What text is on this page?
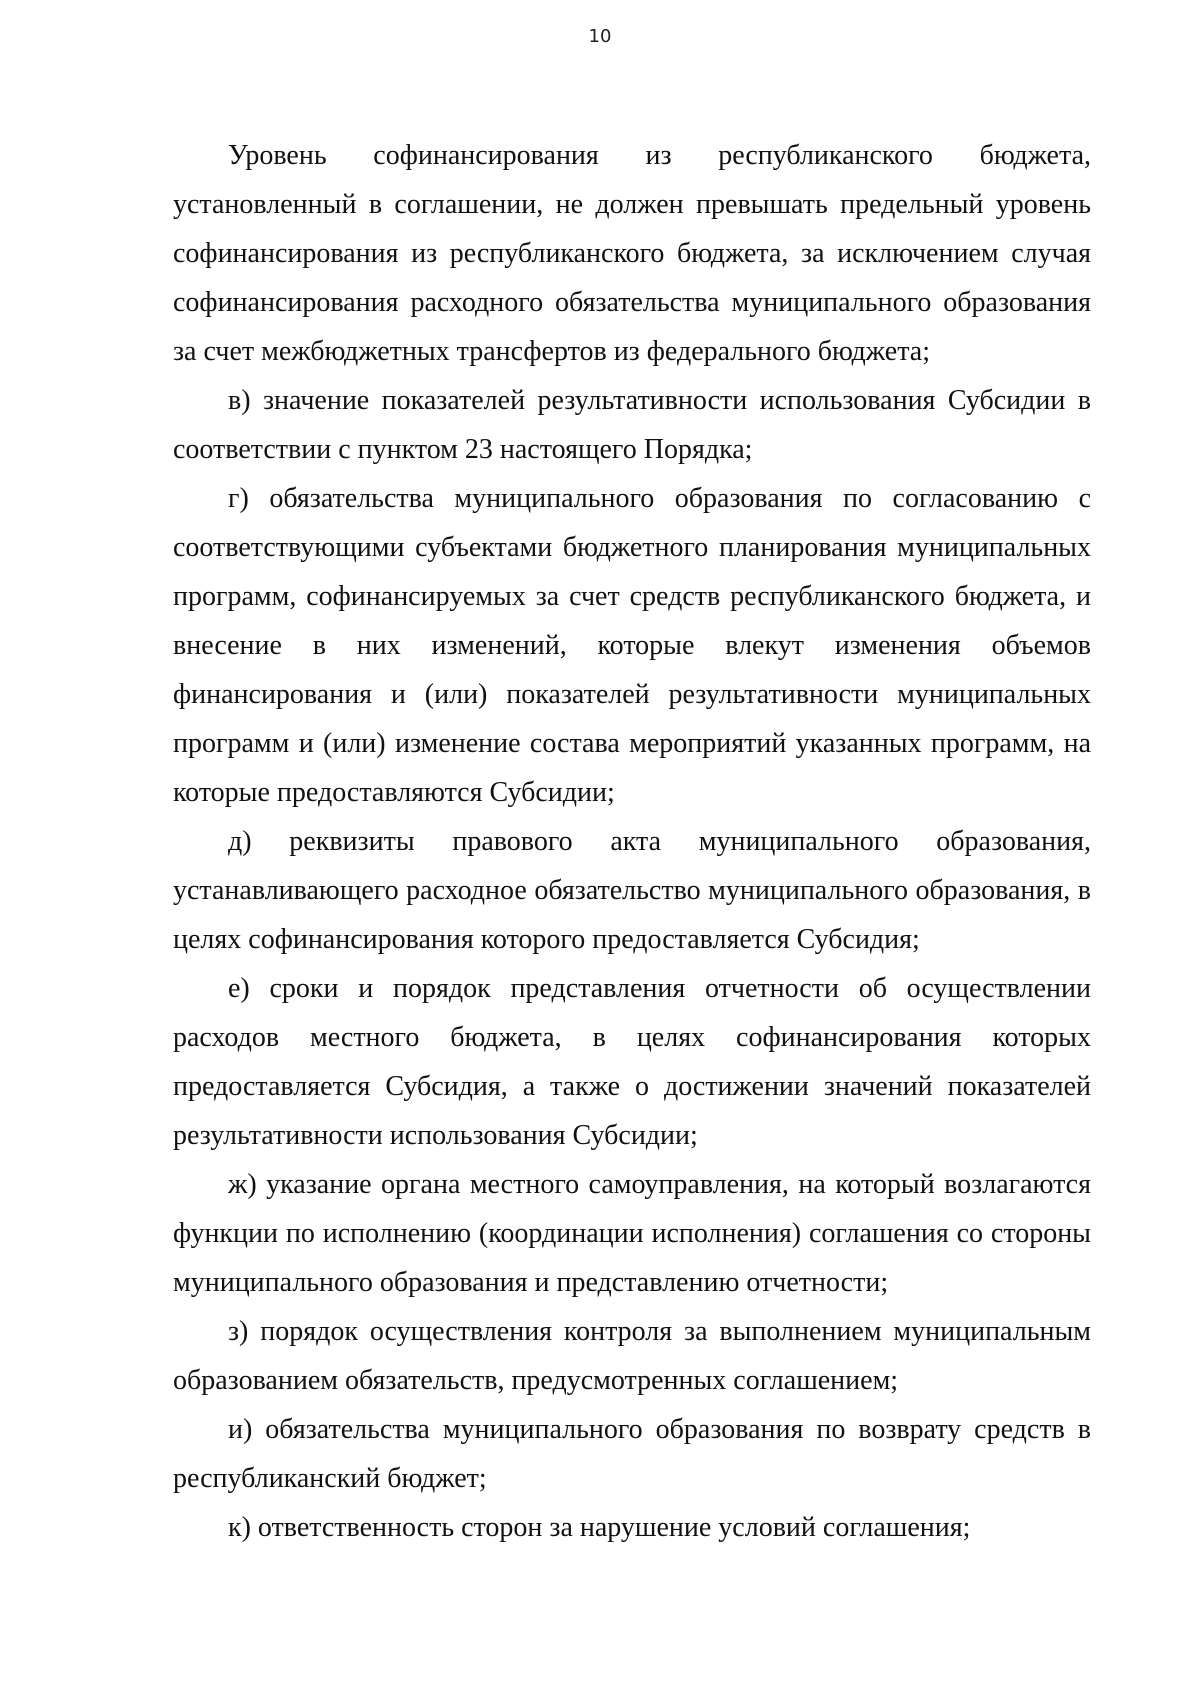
10

Уровень софинансирования из республиканского бюджета, установленный в соглашении, не должен превышать предельный уровень софинансирования из республиканского бюджета, за исключением случая софинансирования расходного обязательства муниципального образования за счет межбюджетных трансфертов из федерального бюджета;

в) значение показателей результативности использования Субсидии в соответствии с пунктом 23 настоящего Порядка;

г) обязательства муниципального образования по согласованию с соответствующими субъектами бюджетного планирования муниципальных программ, софинансируемых за счет средств республиканского бюджета, и внесение в них изменений, которые влекут изменения объемов финансирования и (или) показателей результативности муниципальных программ и (или) изменение состава мероприятий указанных программ, на которые предоставляются Субсидии;

д) реквизиты правового акта муниципального образования, устанавливающего расходное обязательство муниципального образования, в целях софинансирования которого предоставляется Субсидия;

е) сроки и порядок представления отчетности об осуществлении расходов местного бюджета, в целях софинансирования которых предоставляется Субсидия, а также о достижении значений показателей результативности использования Субсидии;

ж) указание органа местного самоуправления, на который возлагаются функции по исполнению (координации исполнения) соглашения со стороны муниципального образования и представлению отчетности;

з) порядок осуществления контроля за выполнением муниципальным образованием обязательств, предусмотренных соглашением;

и) обязательства муниципального образования по возврату средств в республиканский бюджет;

к) ответственность сторон за нарушение условий соглашения;
